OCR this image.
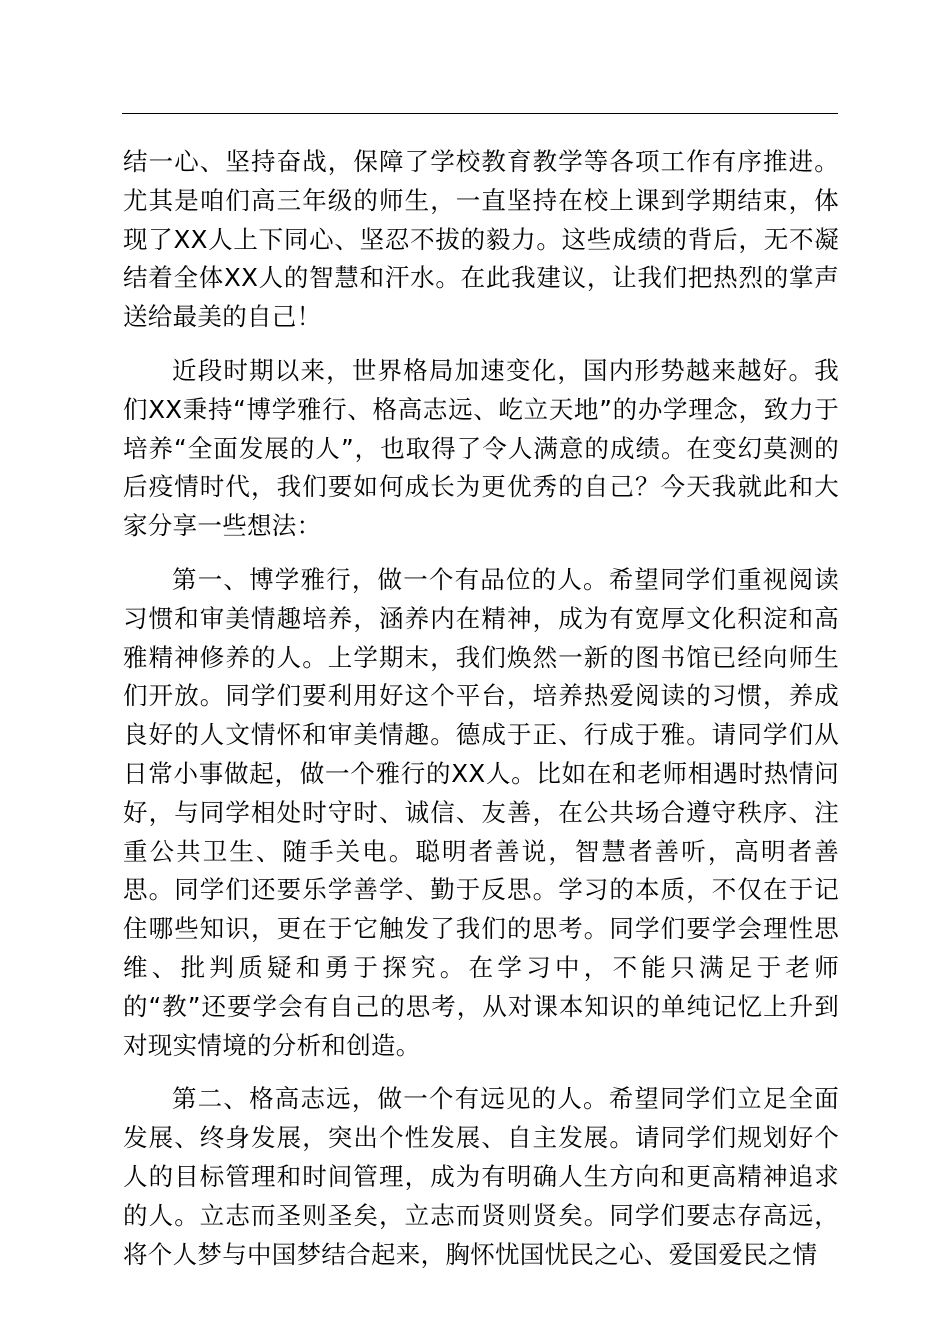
结一心、坚持奋战，保障了学校教育教学等各项工作有序推进。尤其是咱们高三年级的师生，一直坚持在校上课到学期结束，体现了XX人上下同心、坚忍不拔的毅力。这些成绩的背后，无不凝结着全体XX人的智慧和汗水。在此我建议，让我们把热烈的掌声送给最美的自己！

近段时期以来，世界格局加速变化，国内形势越来越好。我们XX秉持“博学雅行、格高志远、屹立天地”的办学理念，致力于培养“全面发展的人”，也取得了令人满意的成绩。在变幻莫测的后疫情时代，我们要如何成长为更优秀的自己？今天我就此和大家分享一些想法：

第一、博学雅行，做一个有品位的人。希望同学们重视阅读习惯和审美情趣培养，涵养内在精神，成为有宽厚文化积淀和高雅精神修养的人。上学期末，我们焕然一新的图书馆已经向师生们开放。同学们要利用好这个平台，培养热爱阅读的习惯，养成良好的人文情怀和审美情趣。德成于正、行成于雅。请同学们从日常小事做起，做一个雅行的XX人。比如在和老师相遇时热情问好，与同学相处时守时、诚信、友善，在公共场合遵守秩序、注重公共卫生、随手关电。聪明者善说，智慧者善听，高明者善思。同学们还要乐学善学、勤于反思。学习的本质，不仅在于记住哪些知识，更在于它触发了我们的思考。同学们要学会理性思维、批判质疑和勇于探究。在学习中，不能只满足于老师的“教”还要学会有自己的思考，从对课本知识的单纯记忆上升到对现实情境的分析和创造。

第二、格高志远，做一个有远见的人。希望同学们立足全面发展、终身发展，突出个性发展、自主发展。请同学们规划好个人的目标管理和时间管理，成为有明确人生方向和更高精神追求的人。立志而圣则圣矣，立志而贤则贤矣。同学们要志存高远，将个人梦与中国梦结合起来，胸怀忧国忧民之心、爱国爱民之情
